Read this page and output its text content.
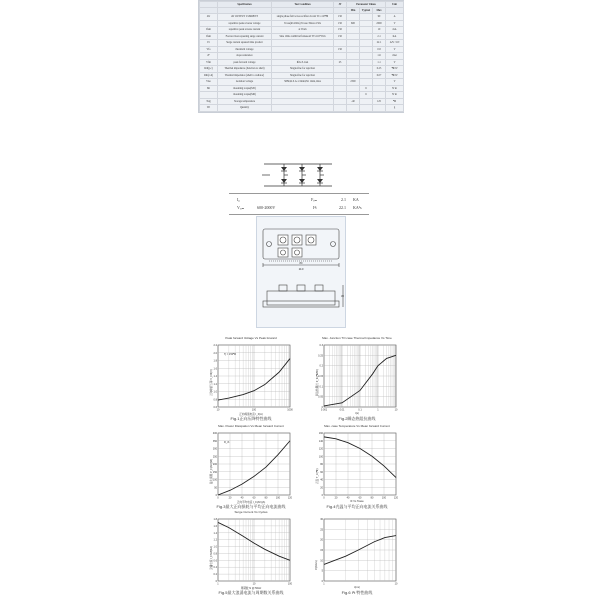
	Specification	Test Condition	JT	Parameter Values			Unit
				Min	Typical	Max	
AV	AV OUTPUT CURRENT	single phase full wave rectifier circuit TC=125℃	150			90	A
	repetitive peak reverse voltage	Tcase(R=20ms) Tcase=Tmax=150s	150	600		2000	V
Ifsm	repetitive peak reverse current	at Vrsm	150			10	mA
Ifsm	Forward non repeating surge current	Sine 10ms width half sinusoid TV=0.6*Vrm	150			2.1	KA
I²t	Surge current squared time product					22.1	A²S ×10³
Vfo	threshold voltage		150			0.8	V
rF	slope resistance					1.6	mΩ
Vfm	peak forward voltage	Ifm=3.14A	25			1.1	V
Rth(j-c)	Thermal impedance (Junction to shell)	Single-fine for rejection				0.25	℃/W
Rth(c-h)	Thermal impedance (shell to radiator)	Single-fine for rejection				0.07	℃/W
Viso	isolation voltage	50Hz,R.S.G.1-5min,Ext 1min,1mA		2500			V
Mt	mounting torque(M5)				6		N·m
	mounting torque(M6)				6		N·m
Tstg	Storage temperature			-40		125	℃
Wt	Quantity						g
I₀
Vᵣᵣₘ	600-2000V
Iᶠₛₘ	2.1 KA
I²t	22.1 KA²s
110
80
30
Peak forward Voltage Vs Peak forward
0.6
0.8
1.0
1.2
1.4
1.6
1.8
2.0
2.2
10	100	1000
Tj = 150℃
正向峰值压降 V_FM(V)
正向峰值电流 I_F(A)
Fig.1正向压降特性曲线
Max. Junction TO case Thermal Impedance Vs Time
0
0.05
0.1
0.15
0.2
0.25
0.3
0.001	0.01	0.1	1	10
瞬态热阻抗 Z_th(℃/W)
t(s)
Fig.2瞬态热阻抗曲线
Max. Power Dissipation Vs Mean forward Current
0
50
100
150
200
250
300
350
400
0	20	40	60	80	100	120
R_th
最大损耗 P_F(AV)(W)
正向平均电流 I_F(AV)(A)
Fig.3最大正向损耗与平均正向电流曲线
Max. case Temperature Vs Mean forward Current
0
20
40
60
80
100
120
140
160
0	20	40	60	80	100	120
壳温 T_C(℃)
IF Vs Tcase
Fig.4壳温与平均正向电流关系曲线
Surge Current Vs Cycles
0
0.2
0.4
0.6
0.8
1.0
1.2
1.4
1.6
1.8
1	10	100
浪涌电流 I_FSM(KA)
周期数 N @ 50Hz
Fig.5最大浪涌电流与周期数关系曲线
0
5
10
15
20
25
30
1	10
I²t(KA²s)
t(ms)
Fig.6 I²t 特性曲线
